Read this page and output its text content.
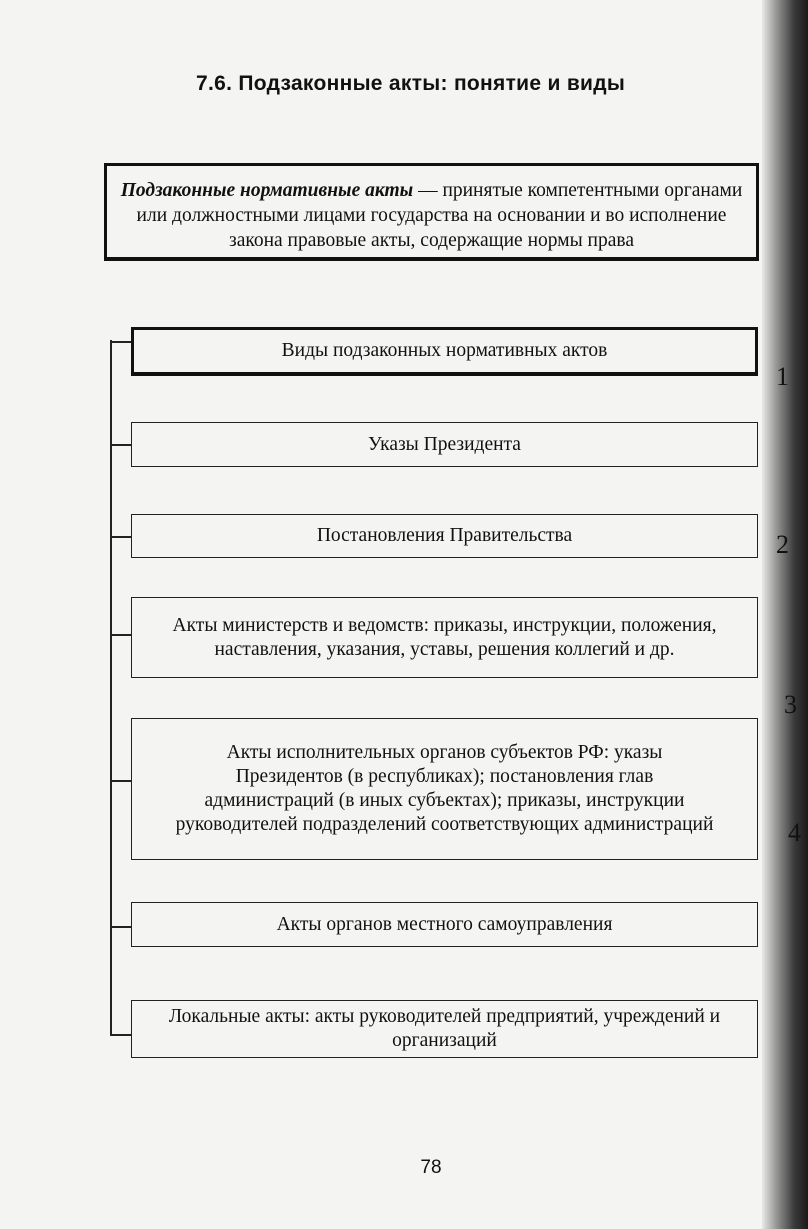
1
2
3
4
7.6. Подзаконные акты: понятие и виды
Подзаконные нормативные акты — принятые компетентными органами или должностными лицами государства на основании и во исполнение закона правовые акты, содержащие нормы права
Виды подзаконных нормативных актов
Указы Президента
Постановления Правительства
Акты министерств и ведомств: приказы, инструкции, положения, наставления, указания, уставы, решения коллегий и др.
Акты исполнительных органов субъектов РФ: указы Президентов (в республиках); постановления глав администраций (в иных субъектах); приказы, инструкции руководителей подразделений соответствующих администраций
Акты органов местного самоуправления
Локальные акты: акты руководителей предприятий, учреждений и организаций
78
